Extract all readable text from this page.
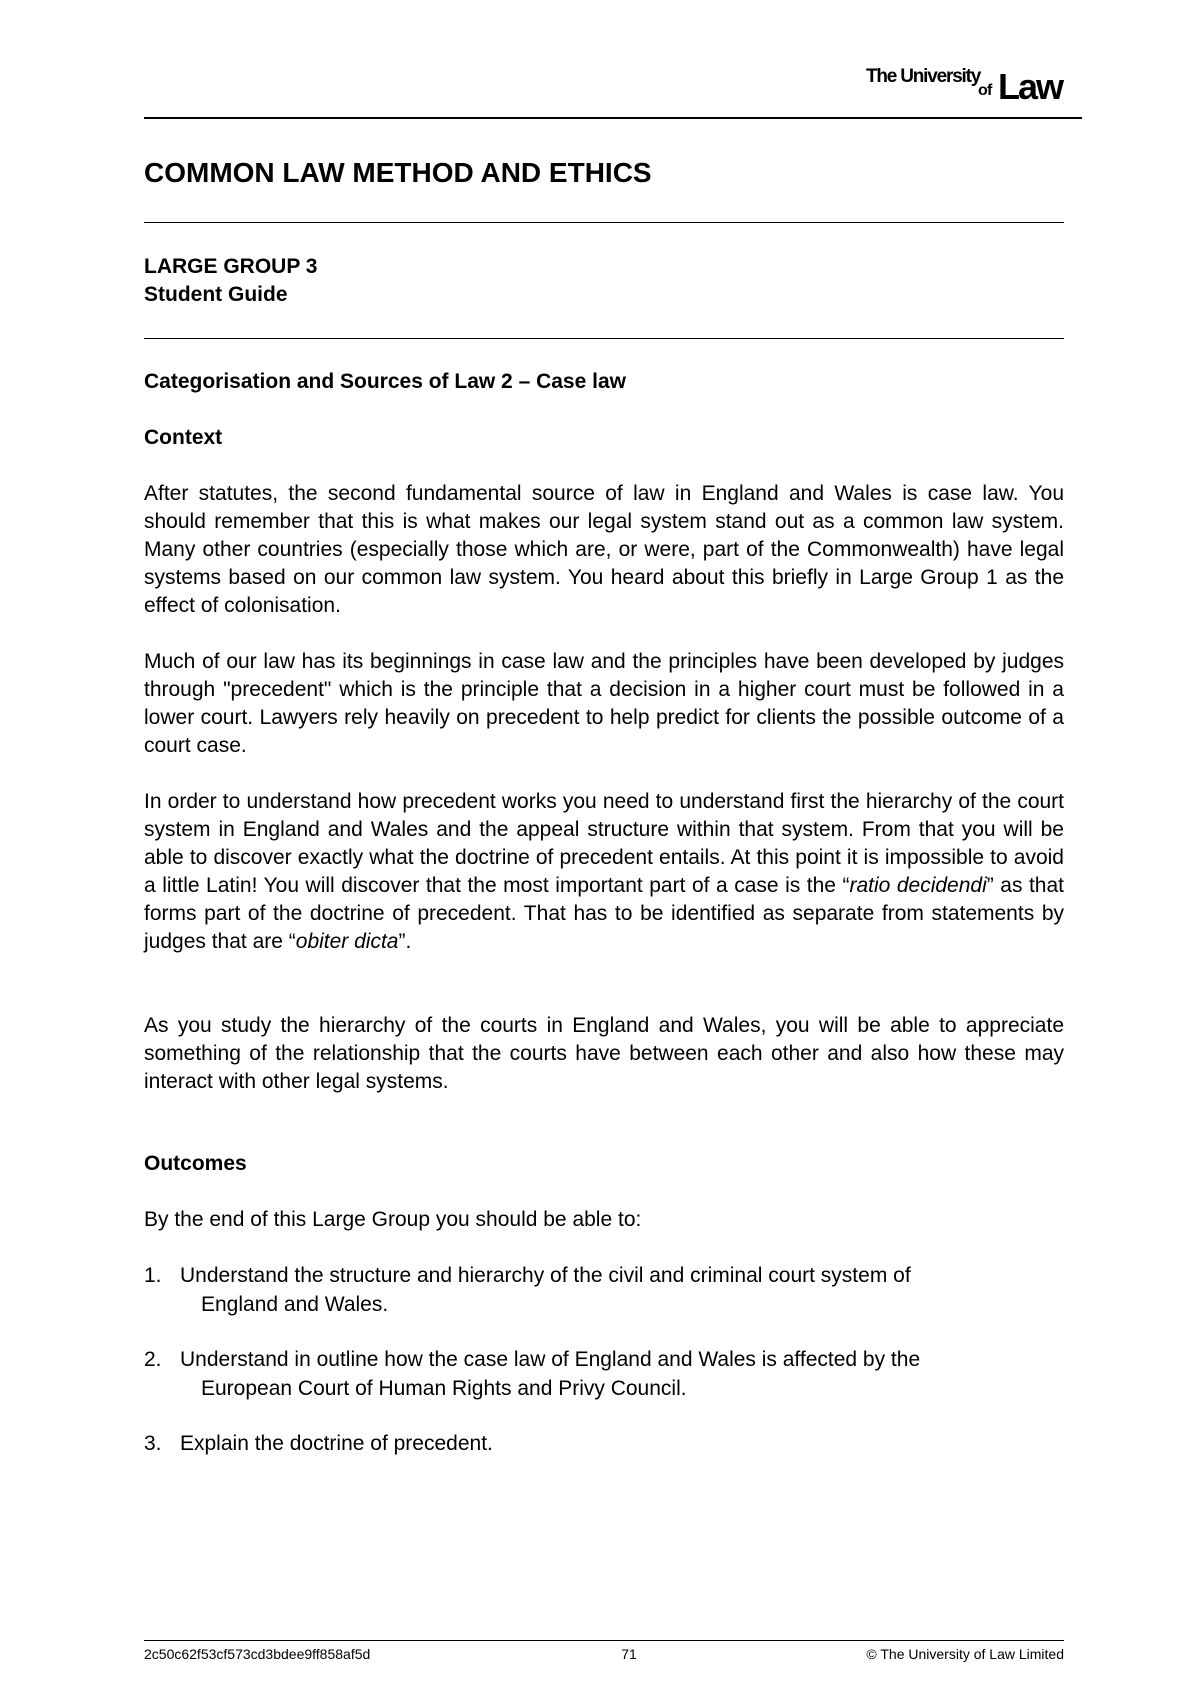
The University
of Law
COMMON LAW METHOD AND ETHICS
LARGE GROUP 3
Student Guide
Categorisation and Sources of Law 2 – Case law
Context
After statutes, the second fundamental source of law in England and Wales is case law. You should remember that this is what makes our legal system stand out as a common law system. Many other countries (especially those which are, or were, part of the Commonwealth) have legal systems based on our common law system. You heard about this briefly in Large Group 1 as the effect of colonisation.
Much of our law has its beginnings in case law and the principles have been developed by judges through "precedent" which is the principle that a decision in a higher court must be followed in a lower court. Lawyers rely heavily on precedent to help predict for clients the possible outcome of a court case.
In order to understand how precedent works you need to understand first the hierarchy of the court system in England and Wales and the appeal structure within that system. From that you will be able to discover exactly what the doctrine of precedent entails. At this point it is impossible to avoid a little Latin! You will discover that the most important part of a case is the “ratio decidendi” as that forms part of the doctrine of precedent. That has to be identified as separate from statements by judges that are “obiter dicta”.
As you study the hierarchy of the courts in England and Wales, you will be able to appreciate something of the relationship that the courts have between each other and also how these may interact with other legal systems.
Outcomes
By the end of this Large Group you should be able to:
1. Understand the structure and hierarchy of the civil and criminal court system of
England and Wales.
2. Understand in outline how the case law of England and Wales is affected by the
European Court of Human Rights and Privy Council.
3. Explain the doctrine of precedent.
2c50c62f53cf573cd3bdee9ff858af5d	71	© The University of Law Limited
